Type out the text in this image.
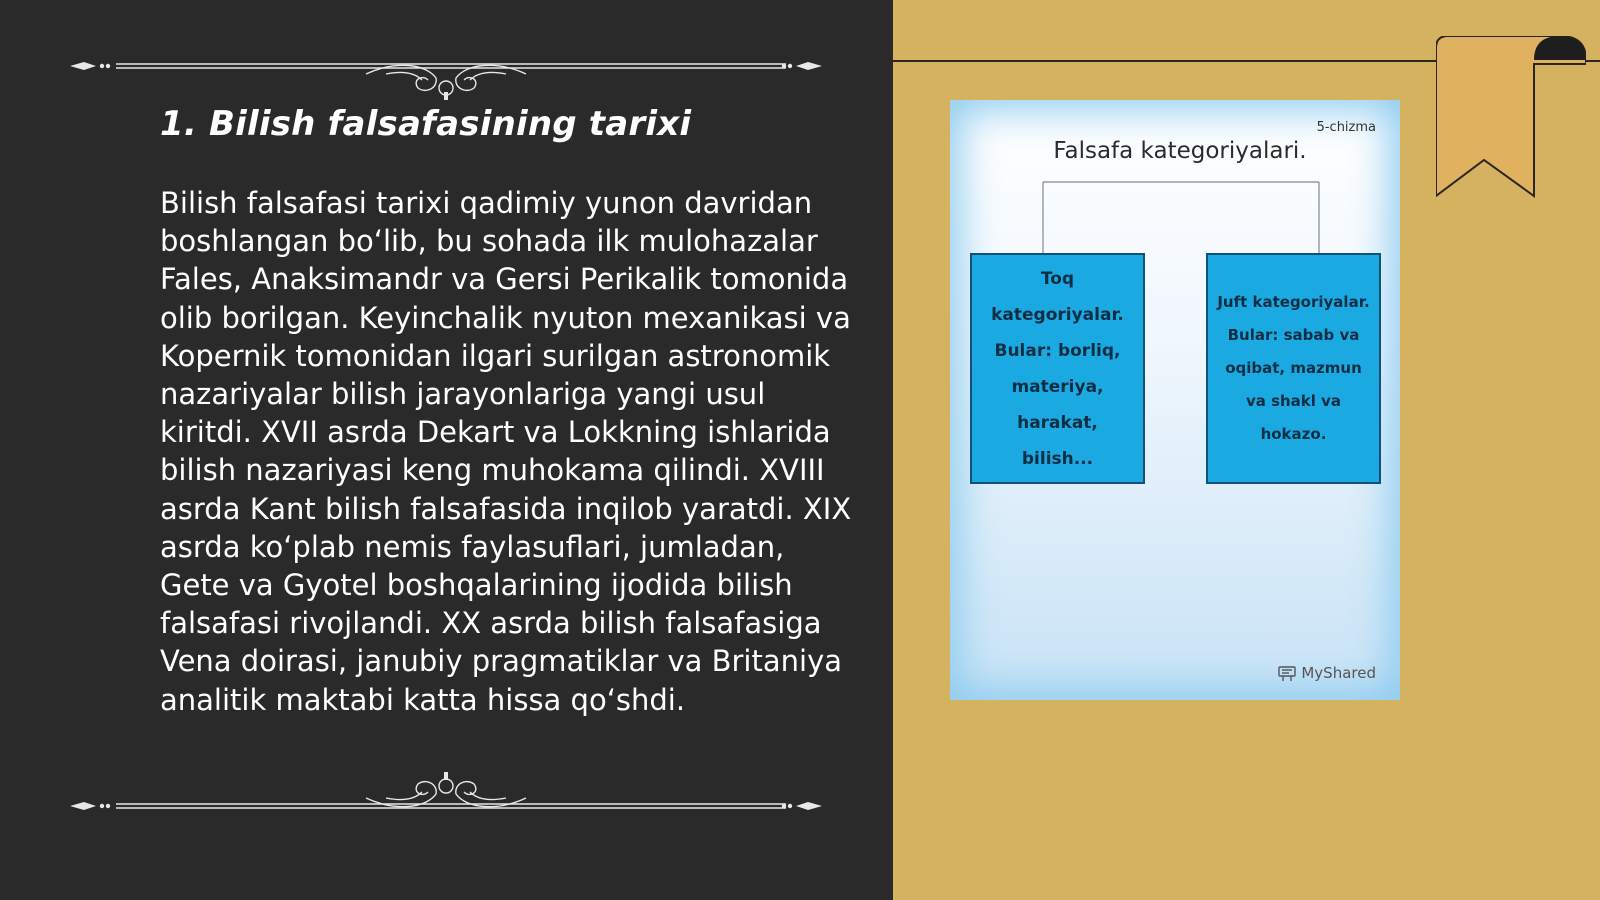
1. Bilish falsafasining tarixi

Bilish falsafasi tarixi qadimiy yunon davridan boshlangan bo‘lib, bu sohada ilk mulohazalar Fales, Anaksimandr va Gersi Perikalik tomonida olib borilgan. Keyinchalik nyuton mexanikasi va Kopernik tomonidan ilgari surilgan astronomik nazariyalar bilish jarayonlariga yangi usul kiritdi. XVII asrda Dekart va Lokkning ishlarida bilish nazariyasi keng muhokama qilindi. XVIII asrda Kant bilish falsafasida inqilob yaratdi. XIX asrda ko‘plab nemis faylasuflari, jumladan, Gete va Gyotel boshqalarining ijodida bilish falsafasi rivojlandi. XX asrda bilish falsafasiga Vena doirasi, janubiy pragmatiklar va Britaniya analitik maktabi katta hissa qo‘shdi.

5-chizma
Falsafa kategoriyalari.
Toq kategoriyalar. Bular: borliq, materiya, harakat, bilish...
Juft kategoriyalar. Bular: sabab va oqibat, mazmun va shakl va hokazo.
MyShared
